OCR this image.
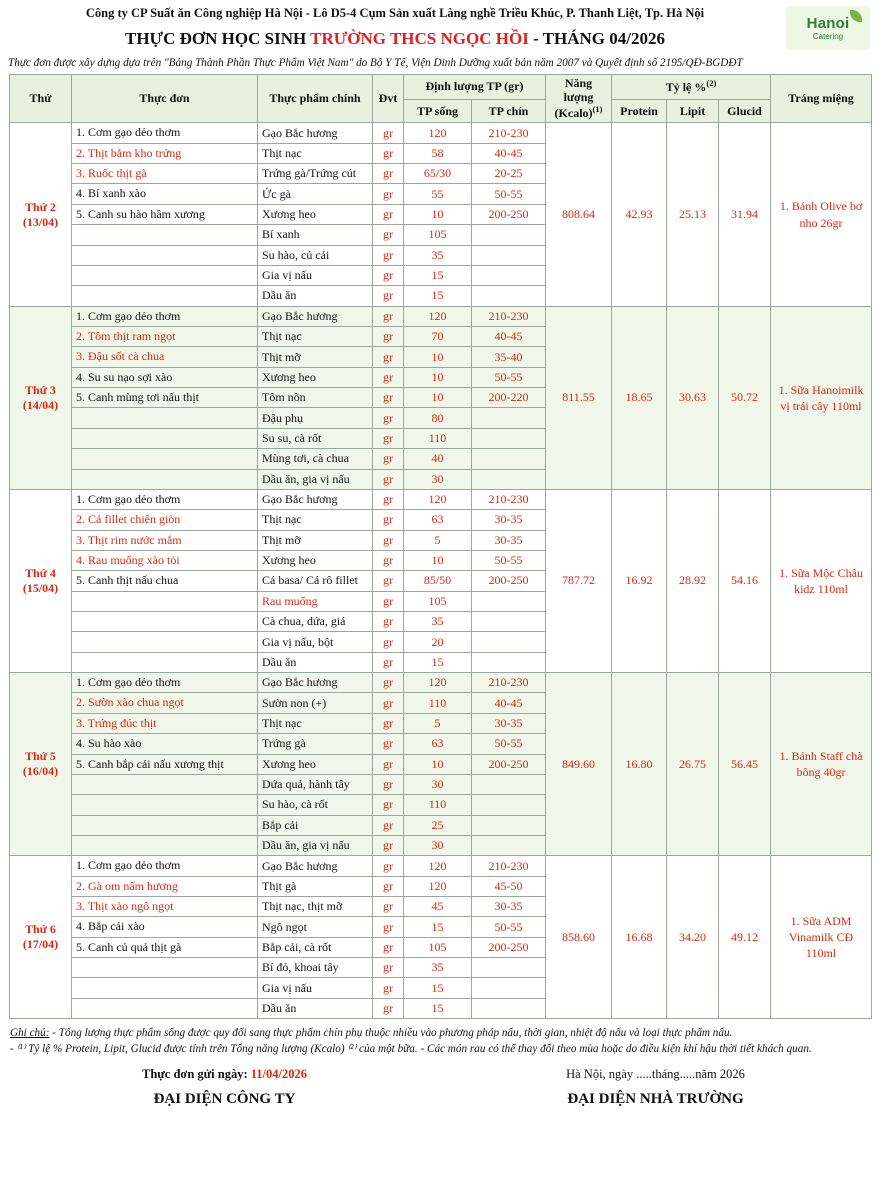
Hanoi
Catering
Công ty CP Suất ăn Công nghiệp Hà Nội - Lô D5-4 Cụm Sản xuất Làng nghề Triều Khúc, P. Thanh Liệt, Tp. Hà Nội
THỰC ĐƠN HỌC SINH TRƯỜNG THCS NGỌC HỒI - THÁNG 04/2026
Thực đơn được xây dựng dựa trên "Bảng Thành Phần Thực Phẩm Việt Nam" do Bộ Y Tế, Viện Dinh Dưỡng xuất bản năm 2007 và Quyết định số 2195/QĐ-BGDĐT
Thứ	Thực đơn	Thực phẩm chính	Đvt	Định lượng TP (gr)		Năng lượng (Kcalo)$^{(1)}$	Tỷ lệ %$^{(2)}$			Tráng miệng
				TP sống	TP chín		Protein	Lipit	Glucid	

Thứ 2
(13/04)	1. Cơm gạo dẻo thơm	Gạo Bắc hương	gr	120	210-230	808.64	42.93	25.13	31.94	1. Bánh Olive bơ nho 26gr
	2. Thịt bằm kho trứng	Thịt nạc	gr	58	40-45					
	3. Ruốc thịt gà	Trứng gà/Trứng cút	gr	65/30	20-25					
	4. Bí xanh xào	Ức gà	gr	55	50-55					
	5. Canh su hào hầm xương	Xương heo	gr	10	200-250					
		Bí xanh	gr	105						
		Su hào, củ cải	gr	35						
		Gia vị nấu	gr	15						
		Dầu ăn	gr	15						

Thứ 3
(14/04)	1. Cơm gạo dẻo thơm	Gạo Bắc hương	gr	120	210-230	811.55	18.65	30.63	50.72	1. Sữa Hanoimilk vị trái cây 110ml
	2. Tôm thịt ram ngọt	Thịt nạc	gr	70	40-45					
	3. Đậu sốt cà chua	Thịt mỡ	gr	10	35-40					
	4. Su su nạo sợi xào	Xương heo	gr	10	50-55					
	5. Canh mùng tơi nấu thịt	Tôm nõn	gr	10	200-220					
		Đậu phụ	gr	80						
		Su su, cà rốt	gr	110						
		Mùng tơi, cà chua	gr	40						
		Dầu ăn, gia vị nấu	gr	30						

Thứ 4
(15/04)	1. Cơm gạo dẻo thơm	Gạo Bắc hương	gr	120	210-230	787.72	16.92	28.92	54.16	1. Sữa Mộc Châu kidz 110ml
	2. Cá fillet chiên giòn	Thịt nạc	gr	63	30-35					
	3. Thịt rim nước mắm	Thịt mỡ	gr	5	30-35					
	4. Rau muống xào tỏi	Xương heo	gr	10	50-55					
	5. Canh thịt nấu chua	Cá basa/ Cá rô fillet	gr	85/50	200-250					
		Rau muống	gr	105						
		Cà chua, dứa, giá	gr	35						
		Gia vị nấu, bột	gr	20						
		Dầu ăn	gr	15						

Thứ 5
(16/04)	1. Cơm gạo dẻo thơm	Gạo Bắc hương	gr	120	210-230	849.60	16.80	26.75	56.45	1. Bánh Staff chà bông 40gr
	2. Sườn xào chua ngọt	Sườn non (+)	gr	110	40-45					
	3. Trứng đúc thịt	Thịt nạc	gr	5	30-35					
	4. Su hào xào	Trứng gà	gr	63	50-55					
	5. Canh bắp cải nấu xương thịt	Xương heo	gr	10	200-250					
		Dứa quả, hành tây	gr	30						
		Su hào, cà rốt	gr	110						
		Bắp cải	gr	25						
		Dầu ăn, gia vị nấu	gr	30						

Thứ 6
(17/04)	1. Cơm gạo dẻo thơm	Gạo Bắc hương	gr	120	210-230	858.60	16.68	34.20	49.12	1. Sữa ADM Vinamilk CĐ 110ml
	2. Gà om nấm hương	Thịt gà	gr	120	45-50					
	3. Thịt xào ngô ngọt	Thịt nạc, thịt mỡ	gr	45	30-35					
	4. Bắp cải xào	Ngô ngọt	gr	15	50-55					
	5. Canh củ quả thịt gà	Bắp cải, cà rốt	gr	105	200-250					
		Bí đỏ, khoai tây	gr	35						
		Gia vị nấu	gr	15						
		Dầu ăn	gr	15						
Ghi chú: - Tổng lượng thực phẩm sống được quy đổi sang thực phẩm chín phụ thuộc nhiều vào phương pháp nấu, thời gian, nhiệt độ nấu và loại thực phẩm nấu.
- ⁽¹⁾ Tỷ lệ % Protein, Lipit, Glucid được tính trên Tổng năng lượng (Kcalo) ⁽²⁾ của một bữa. - Các món rau có thể thay đổi theo mùa hoặc do điều kiện khí hậu thời tiết khách quan.
Thực đơn gửi ngày: 11/04/2026	Hà Nội, ngày .....tháng.....năm 2026
ĐẠI DIỆN CÔNG TY	ĐẠI DIỆN NHÀ TRƯỜNG
